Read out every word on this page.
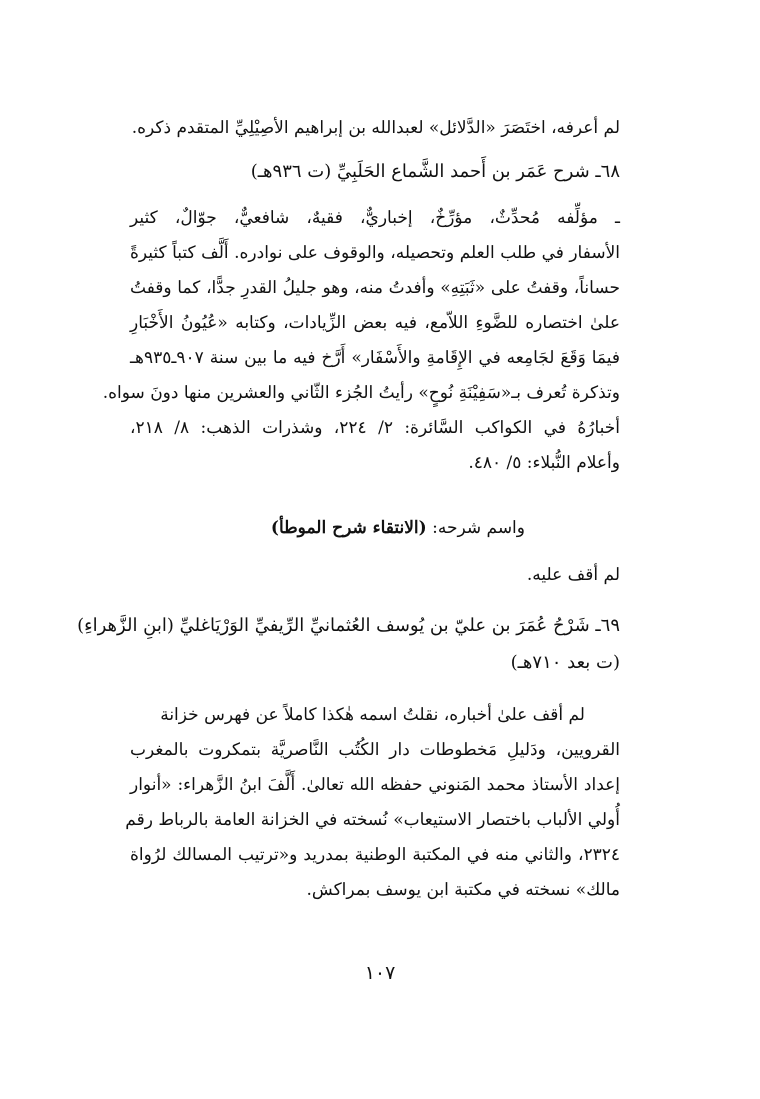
لم أعرفه، اختَصَرَ «الدَّلائل» لعبدالله بن إبراهيم الأصِيْلِيِّ المتقدم ذكره.
٦٨ـ شرح عَمَر بن أَحمد الشَّماع الحَلَبِيِّ (ت ٩٣٦هـ)
ـ مؤلِّفه مُحدِّثٌ، مؤرِّخٌ، إخباريٌّ، فقيهٌ، شافعيٌّ، جوّالٌ، كثير
الأسفار في طلب العلم وتحصيله، والوقوف على نوادره. أَلَّف كتباً كثيرةً
حساناً، وقفتُ على «ثَبَتِهِ» وأفدتُ منه، وهو جليلُ القدرِ جدًّا، كما وقفتُ
علىٰ اختصاره للضَّوءِ اللاّمع، فيه بعض الزِّيادات، وكتابه «عُيُونُ الأَخْبَارِ
فيمَا وَقَعَ لجَامِعه في الإِقَامةِ والأَسْفَار» أَرَّخ فيه ما بين سنة ٩٠٧ـ٩٣٥هـ
وتذكرة تُعرف بـ«سَفِيْنَةِ نُوحٍ» رأيتُ الجُزء الثّاني والعشرين منها دونَ سواه.
أخبارُهُ في الكواكب السَّائرة: ٢/ ٢٢٤، وشذرات الذهب: ٨/ ٢١٨،
وأعلام النُّبلاء: ٥/ ٤٨٠.
واسم شرحه: (الانتقاء شرح الموطأ)
لم أقف عليه.
٦٩ـ شَرْحُ عُمَرَ بن عليّ بن يُوسف العُثمانيِّ الرِّيفيِّ الوَرْيَاغليِّ (ابنِ الزَّهراءِ)
(ت بعد ٧١٠هـ)
لم أقف علىٰ أخباره، نقلتُ اسمه هٰكذا كاملاً عن فهرس خزانة
القرويين، ودَليلِ مَخطوطات دار الكُتُب النَّاصريَّة بتمكروت بالمغرب
إعداد الأستاذ محمد المَنوني حفظه الله تعالىٰ. أَلَّفَ ابنُ الزَّهراء: «أنوار
أُولي الألباب باختصار الاستيعاب» نُسخته في الخزانة العامة بالرباط رقم
٢٣٢٤، والثاني منه في المكتبة الوطنية بمدريد و«ترتيب المسالك لرُواة
مالك» نسخته في مكتبة ابن يوسف بمراكش.
١٠٧
